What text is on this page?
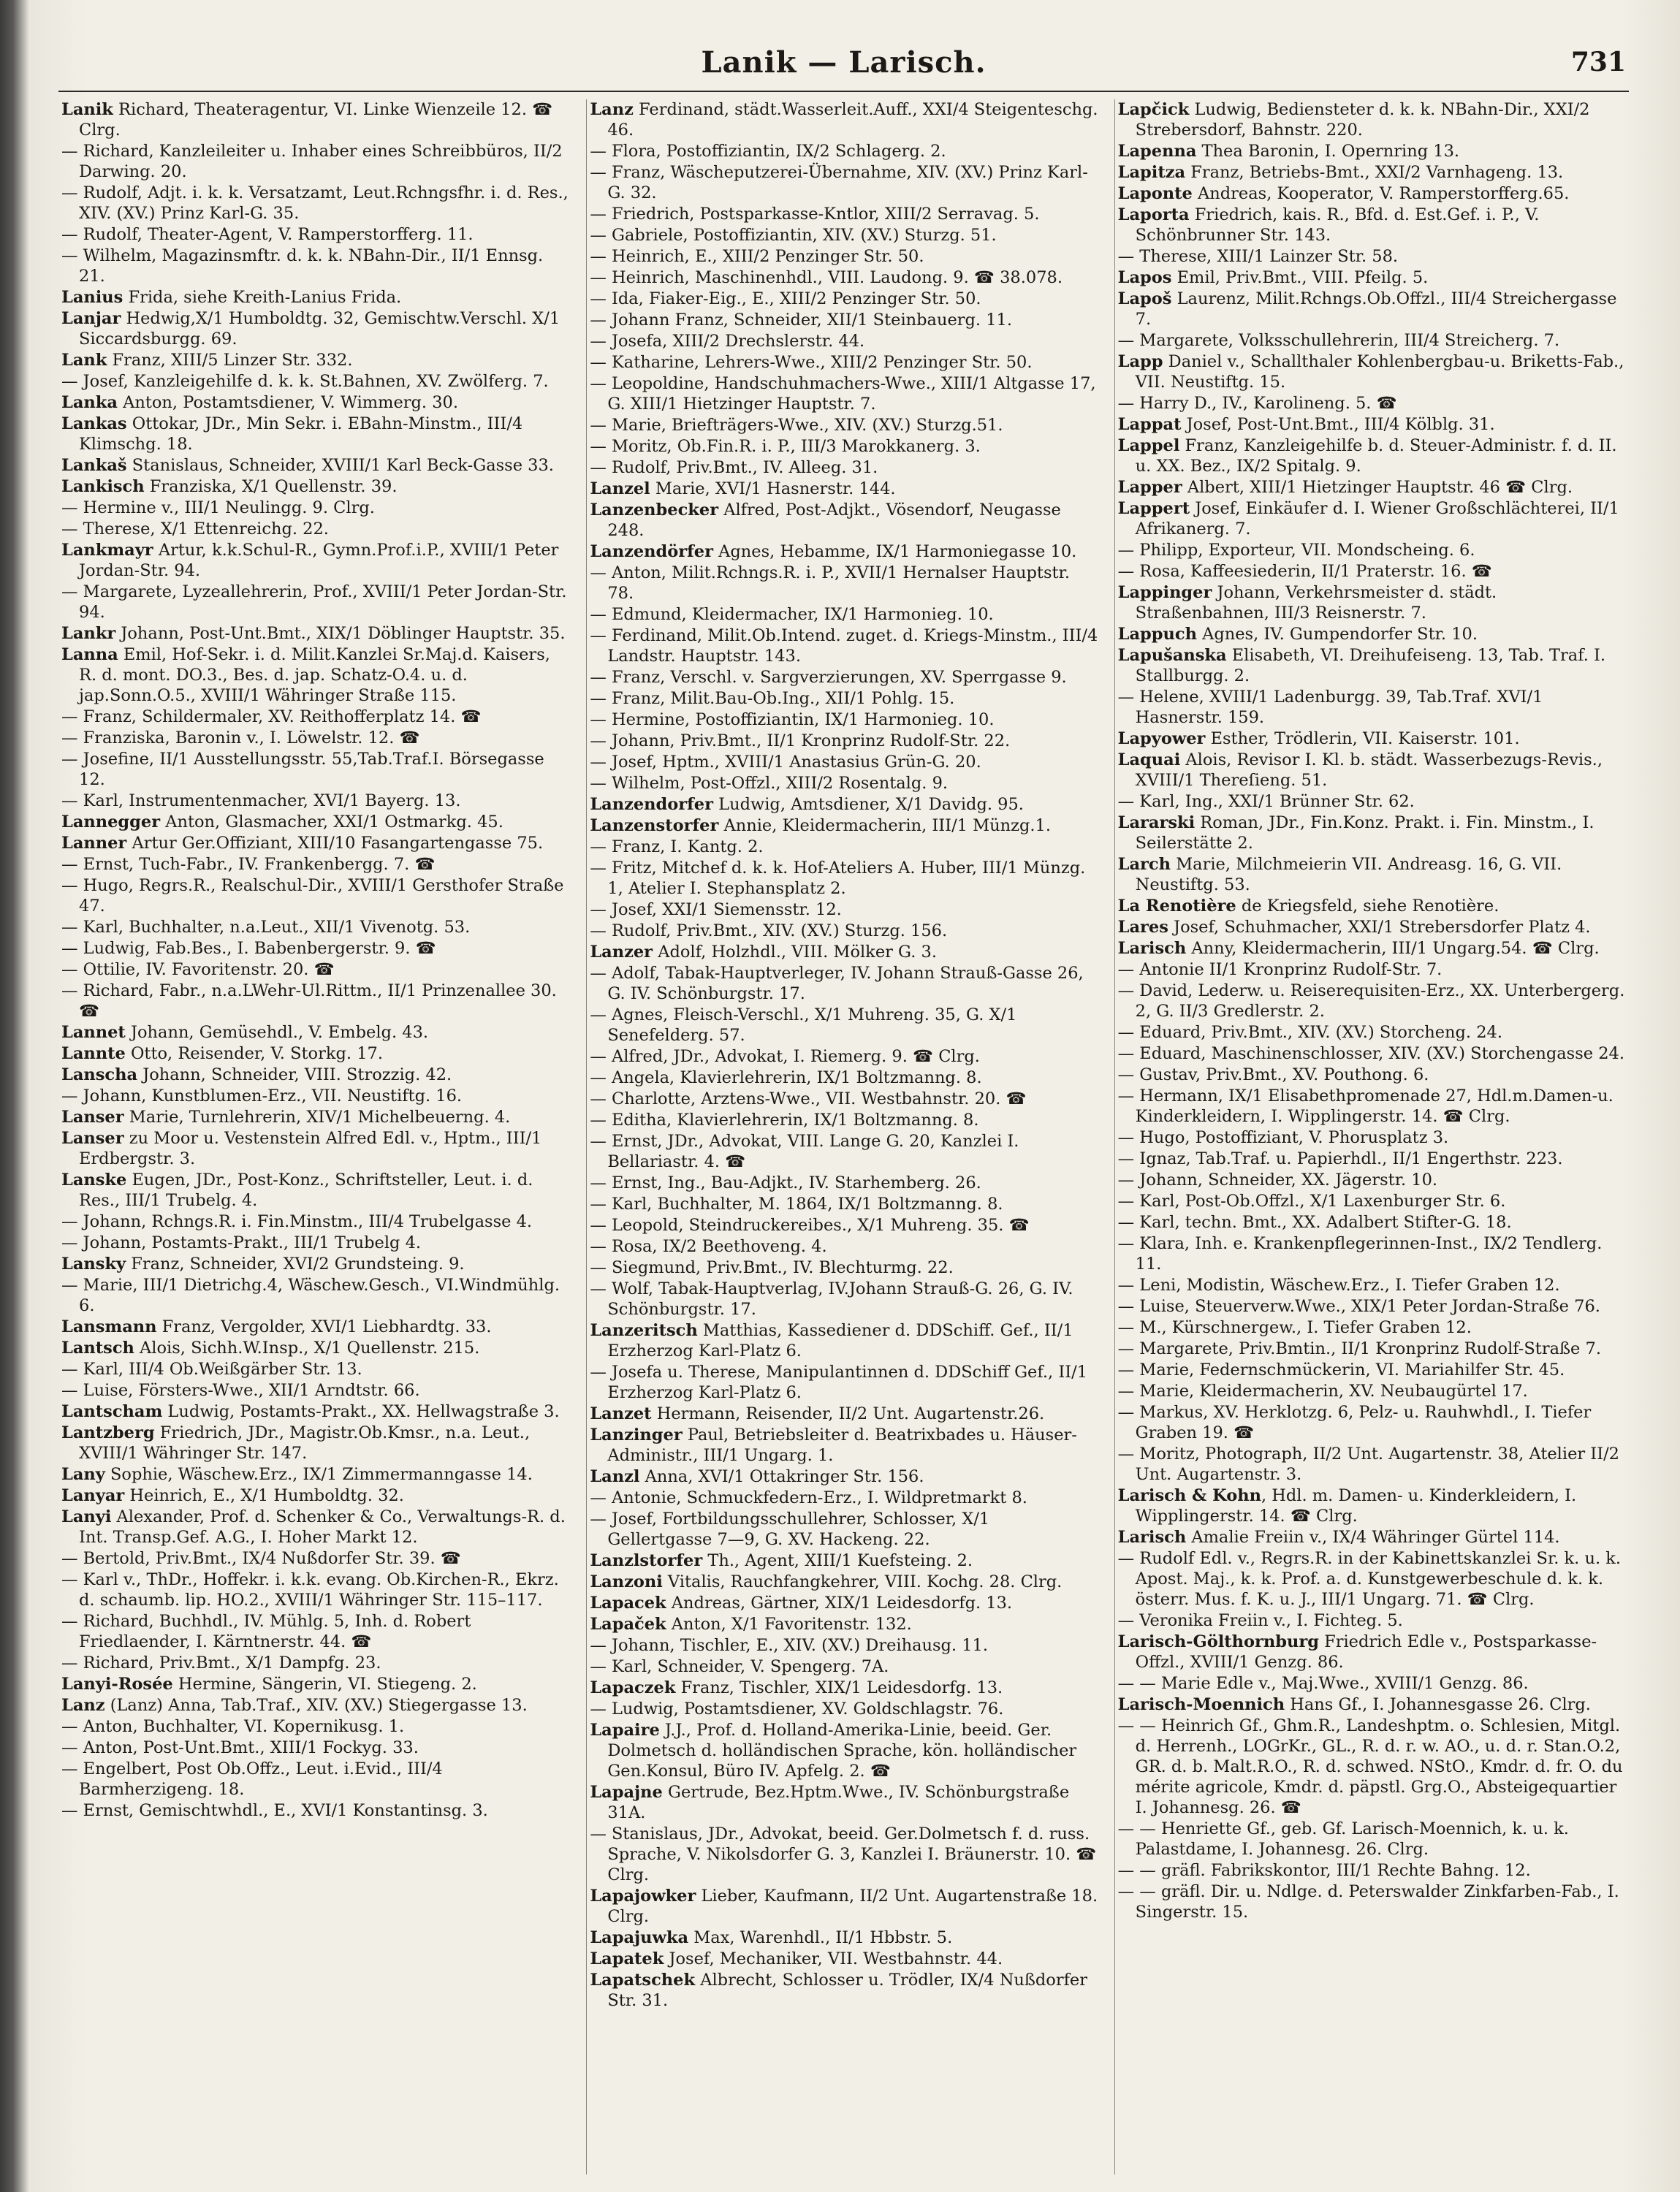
Lanik — Larisch.	731
Lanik Richard, Theateragentur, VI. Linke Wienzeile 12. ☎ Clrg.
— Richard, Kanzleileiter u. Inhaber eines Schreibbüros, II/2 Darwing. 20.
— Rudolf, Adjt. i. k. k. Versatzamt, Leut.Rchngsfhr. i. d. Res., XIV. (XV.) Prinz Karl-G. 35.
— Rudolf, Theater-Agent, V. Ramperstorfferg. 11.
— Wilhelm, Magazinsmftr. d. k. k. NBahn-Dir., II/1 Ennsg. 21.
Lanius Frida, siehe Kreith-Lanius Frida.
Lanjar Hedwig,X/1 Humboldtg. 32, Gemischtw.Verschl. X/1 Siccardsburgg. 69.
Lank Franz, XIII/5 Linzer Str. 332.
— Josef, Kanzleigehilfe d. k. k. St.Bahnen, XV. Zwölferg. 7.
Lanka Anton, Postamtsdiener, V. Wimmerg. 30.
Lankas Ottokar, JDr., Min Sekr. i. EBahn-Minstm., III/4 Klimschg. 18.
Lankaš Stanislaus, Schneider, XVIII/1 Karl Beck-Gasse 33.
Lankisch Franziska, X/1 Quellenstr. 39.
— Hermine v., III/1 Neulingg. 9. Clrg.
— Therese, X/1 Ettenreichg. 22.
Lankmayr Artur, k.k.Schul-R., Gymn.Prof.i.P., XVIII/1 Peter Jordan-Str. 94.
— Margarete, Lyzeallehrerin, Prof., XVIII/1 Peter Jordan-Str. 94.
Lankr Johann, Post-Unt.Bmt., XIX/1 Döblinger Hauptstr. 35.
Lanna Emil, Hof-Sekr. i. d. Milit.Kanzlei Sr.Maj.d. Kaisers, R. d. mont. DO.3., Bes. d. jap. Schatz-O.4. u. d. jap.Sonn.O.5., XVIII/1 Währinger Straße 115.
— Franz, Schildermaler, XV. Reithofferplatz 14. ☎
— Franziska, Baronin v., I. Löwelstr. 12. ☎
— Josefine, II/1 Ausstellungsstr. 55,Tab.Traf.I. Börsegasse 12.
— Karl, Instrumentenmacher, XVI/1 Bayerg. 13.
Lannegger Anton, Glasmacher, XXI/1 Ostmarkg. 45.
Lanner Artur Ger.Offiziant, XIII/10 Fasangartengasse 75.
— Ernst, Tuch-Fabr., IV. Frankenbergg. 7. ☎
— Hugo, Regrs.R., Realschul-Dir., XVIII/1 Gersthofer Straße 47.
— Karl, Buchhalter, n.a.Leut., XII/1 Vivenotg. 53.
— Ludwig, Fab.Bes., I. Babenbergerstr. 9. ☎
— Ottilie, IV. Favoritenstr. 20. ☎
— Richard, Fabr., n.a.LWehr-Ul.Rittm., II/1 Prinzenallee 30. ☎
Lannet Johann, Gemüsehdl., V. Embelg. 43.
Lannte Otto, Reisender, V. Storkg. 17.
Lanscha Johann, Schneider, VIII. Strozzig. 42.
— Johann, Kunstblumen-Erz., VII. Neustiftg. 16.
Lanser Marie, Turnlehrerin, XIV/1 Michelbeuerng. 4.
Lanser zu Moor u. Vestenstein Alfred Edl. v., Hptm., III/1 Erdbergstr. 3.
Lanske Eugen, JDr., Post-Konz., Schriftsteller, Leut. i. d. Res., III/1 Trubelg. 4.
— Johann, Rchngs.R. i. Fin.Minstm., III/4 Trubelgasse 4.
— Johann, Postamts-Prakt., III/1 Trubelg 4.
Lansky Franz, Schneider, XVI/2 Grundsteing. 9.
— Marie, III/1 Dietrichg.4, Wäschew.Gesch., VI.Windmühlg. 6.
Lansmann Franz, Vergolder, XVI/1 Liebhardtg. 33.
Lantsch Alois, Sichh.W.Insp., X/1 Quellenstr. 215.
— Karl, III/4 Ob.Weißgärber Str. 13.
— Luise, Försters-Wwe., XII/1 Arndtstr. 66.
Lantscham Ludwig, Postamts-Prakt., XX. Hellwagstraße 3.
Lantzberg Friedrich, JDr., Magistr.Ob.Kmsr., n.a. Leut., XVIII/1 Währinger Str. 147.
Lany Sophie, Wäschew.Erz., IX/1 Zimmermanngasse 14.
Lanyar Heinrich, E., X/1 Humboldtg. 32.
Lanyi Alexander, Prof. d. Schenker & Co., Verwaltungs-R. d. Int. Transp.Gef. A.G., I. Hoher Markt 12.
— Bertold, Priv.Bmt., IX/4 Nußdorfer Str. 39. ☎
— Karl v., ThDr., Hoffekr. i. k.k. evang. Ob.Kirchen-R., Ekrz. d. schaumb. lip. HO.2., XVIII/1 Währinger Str. 115–117.
— Richard, Buchhdl., IV. Mühlg. 5, Inh. d. Robert Friedlaender, I. Kärntnerstr. 44. ☎
— Richard, Priv.Bmt., X/1 Dampfg. 23.
Lanyi-Rosée Hermine, Sängerin, VI. Stiegeng. 2.
Lanz (Lanz) Anna, Tab.Traf., XIV. (XV.) Stiegergasse 13.
— Anton, Buchhalter, VI. Kopernikusg. 1.
— Anton, Post-Unt.Bmt., XIII/1 Fockyg. 33.
— Engelbert, Post Ob.Offz., Leut. i.Evid., III/4 Barmherzigeng. 18.
— Ernst, Gemischtwhdl., E., XVI/1 Konstantinsg. 3.
Lanz Ferdinand, städt.Wasserleit.Auff., XXI/4 Steigenteschg. 46.
— Flora, Postoffiziantin, IX/2 Schlagerg. 2.
— Franz, Wäscheputzerei-Übernahme, XIV. (XV.) Prinz Karl-G. 32.
— Friedrich, Postsparkasse-Kntlor, XIII/2 Serravag. 5.
— Gabriele, Postoffiziantin, XIV. (XV.) Sturzg. 51.
— Heinrich, E., XIII/2 Penzinger Str. 50.
— Heinrich, Maschinenhdl., VIII. Laudong. 9. ☎ 38.078.
— Ida, Fiaker-Eig., E., XIII/2 Penzinger Str. 50.
— Johann Franz, Schneider, XII/1 Steinbauerg. 11.
— Josefa, XIII/2 Drechslerstr. 44.
— Katharine, Lehrers-Wwe., XIII/2 Penzinger Str. 50.
— Leopoldine, Handschuhmachers-Wwe., XIII/1 Altgasse 17, G. XIII/1 Hietzinger Hauptstr. 7.
— Marie, Briefträgers-Wwe., XIV. (XV.) Sturzg.51.
— Moritz, Ob.Fin.R. i. P., III/3 Marokkanerg. 3.
— Rudolf, Priv.Bmt., IV. Alleeg. 31.
Lanzel Marie, XVI/1 Hasnerstr. 144.
Lanzenbecker Alfred, Post-Adjkt., Vösendorf, Neugasse 248.
Lanzendörfer Agnes, Hebamme, IX/1 Harmoniegasse 10.
— Anton, Milit.Rchngs.R. i. P., XVII/1 Hernalser Hauptstr. 78.
— Edmund, Kleidermacher, IX/1 Harmonieg. 10.
— Ferdinand, Milit.Ob.Intend. zuget. d. Kriegs-Minstm., III/4 Landstr. Hauptstr. 143.
— Franz, Verschl. v. Sargverzierungen, XV. Sperrgasse 9.
— Franz, Milit.Bau-Ob.Ing., XII/1 Pohlg. 15.
— Hermine, Postoffiziantin, IX/1 Harmonieg. 10.
— Johann, Priv.Bmt., II/1 Kronprinz Rudolf-Str. 22.
— Josef, Hptm., XVIII/1 Anastasius Grün-G. 20.
— Wilhelm, Post-Offzl., XIII/2 Rosentalg. 9.
Lanzendorfer Ludwig, Amtsdiener, X/1 Davidg. 95.
Lanzenstorfer Annie, Kleidermacherin, III/1 Münzg.1.
— Franz, I. Kantg. 2.
— Fritz, Mitchef d. k. k. Hof-Ateliers A. Huber, III/1 Münzg. 1, Atelier I. Stephansplatz 2.
— Josef, XXI/1 Siemensstr. 12.
— Rudolf, Priv.Bmt., XIV. (XV.) Sturzg. 156.
Lanzer Adolf, Holzhdl., VIII. Mölker G. 3.
— Adolf, Tabak-Hauptverleger, IV. Johann Strauß-Gasse 26, G. IV. Schönburgstr. 17.
— Agnes, Fleisch-Verschl., X/1 Muhreng. 35, G. X/1 Senefelderg. 57.
— Alfred, JDr., Advokat, I. Riemerg. 9. ☎ Clrg.
— Angela, Klavierlehrerin, IX/1 Boltzmanng. 8.
— Charlotte, Arztens-Wwe., VII. Westbahnstr. 20. ☎
— Editha, Klavierlehrerin, IX/1 Boltzmanng. 8.
— Ernst, JDr., Advokat, VIII. Lange G. 20, Kanzlei I. Bellariastr. 4. ☎
— Ernst, Ing., Bau-Adjkt., IV. Starhemberg. 26.
— Karl, Buchhalter, M. 1864, IX/1 Boltzmanng. 8.
— Leopold, Steindruckereibes., X/1 Muhreng. 35. ☎
— Rosa, IX/2 Beethoveng. 4.
— Siegmund, Priv.Bmt., IV. Blechturmg. 22.
— Wolf, Tabak-Hauptverlag, IV.Johann Strauß-G. 26, G. IV. Schönburgstr. 17.
Lanzeritsch Matthias, Kassediener d. DDSchiff. Gef., II/1 Erzherzog Karl-Platz 6.
— Josefa u. Therese, Manipulantinnen d. DDSchiff Gef., II/1 Erzherzog Karl-Platz 6.
Lanzet Hermann, Reisender, II/2 Unt. Augartenstr.26.
Lanzinger Paul, Betriebsleiter d. Beatrixbades u. Häuser-Administr., III/1 Ungarg. 1.
Lanzl Anna, XVI/1 Ottakringer Str. 156.
— Antonie, Schmuckfedern-Erz., I. Wildpretmarkt 8.
— Josef, Fortbildungsschullehrer, Schlosser, X/1 Gellertgasse 7—9, G. XV. Hackeng. 22.
Lanzlstorfer Th., Agent, XIII/1 Kuefsteing. 2.
Lanzoni Vitalis, Rauchfangkehrer, VIII. Kochg. 28. Clrg.
Lapacek Andreas, Gärtner, XIX/1 Leidesdorfg. 13.
Lapaček Anton, X/1 Favoritenstr. 132.
— Johann, Tischler, E., XIV. (XV.) Dreihausg. 11.
— Karl, Schneider, V. Spengerg. 7A.
Lapaczek Franz, Tischler, XIX/1 Leidesdorfg. 13.
— Ludwig, Postamtsdiener, XV. Goldschlagstr. 76.
Lapaire J.J., Prof. d. Holland-Amerika-Linie, beeid. Ger. Dolmetsch d. holländischen Sprache, kön. holländischer Gen.Konsul, Büro IV. Apfelg. 2. ☎
Lapajne Gertrude, Bez.Hptm.Wwe., IV. Schönburgstraße 31A.
— Stanislaus, JDr., Advokat, beeid. Ger.Dolmetsch f. d. russ. Sprache, V. Nikolsdorfer G. 3, Kanzlei I. Bräunerstr. 10. ☎ Clrg.
Lapajowker Lieber, Kaufmann, II/2 Unt. Augartenstraße 18. Clrg.
Lapajuwka Max, Warenhdl., II/1 Hbbstr. 5.
Lapatek Josef, Mechaniker, VII. Westbahnstr. 44.
Lapatschek Albrecht, Schlosser u. Trödler, IX/4 Nußdorfer Str. 31.
Lapčick Ludwig, Bediensteter d. k. k. NBahn-Dir., XXI/2 Strebersdorf, Bahnstr. 220.
Lapenna Thea Baronin, I. Opernring 13.
Lapitza Franz, Betriebs-Bmt., XXI/2 Varnhageng. 13.
Laponte Andreas, Kooperator, V. Ramperstorfferg.65.
Laporta Friedrich, kais. R., Bfd. d. Est.Gef. i. P., V. Schönbrunner Str. 143.
— Therese, XIII/1 Lainzer Str. 58.
Lapos Emil, Priv.Bmt., VIII. Pfeilg. 5.
Lapoš Laurenz, Milit.Rchngs.Ob.Offzl., III/4 Streichergasse 7.
— Margarete, Volksschullehrerin, III/4 Streicherg. 7.
Lapp Daniel v., Schallthaler Kohlenbergbau-u. Briketts-Fab., VII. Neustiftg. 15.
— Harry D., IV., Karolineng. 5. ☎
Lappat Josef, Post-Unt.Bmt., III/4 Kölblg. 31.
Lappel Franz, Kanzleigehilfe b. d. Steuer-Administr. f. d. II. u. XX. Bez., IX/2 Spitalg. 9.
Lapper Albert, XIII/1 Hietzinger Hauptstr. 46 ☎ Clrg.
Lappert Josef, Einkäufer d. I. Wiener Großschlächterei, II/1 Afrikanerg. 7.
— Philipp, Exporteur, VII. Mondscheing. 6.
— Rosa, Kaffeesiederin, II/1 Praterstr. 16. ☎
Lappinger Johann, Verkehrsmeister d. städt. Straßenbahnen, III/3 Reisnerstr. 7.
Lappuch Agnes, IV. Gumpendorfer Str. 10.
Lapušanska Elisabeth, VI. Dreihufeiseng. 13, Tab. Traf. I. Stallburgg. 2.
— Helene, XVIII/1 Ladenburgg. 39, Tab.Traf. XVI/1 Hasnerstr. 159.
Lapyower Esther, Trödlerin, VII. Kaiserstr. 101.
Laquai Alois, Revisor I. Kl. b. städt. Wasserbezugs-Revis., XVIII/1 Thereſieng. 51.
— Karl, Ing., XXI/1 Brünner Str. 62.
Lararski Roman, JDr., Fin.Konz. Prakt. i. Fin. Minstm., I. Seilerstätte 2.
Larch Marie, Milchmeierin VII. Andreasg. 16, G. VII. Neustiftg. 53.
La Renotière de Kriegsfeld, siehe Renotière.
Lares Josef, Schuhmacher, XXI/1 Strebersdorfer Platz 4.
Larisch Anny, Kleidermacherin, III/1 Ungarg.54. ☎ Clrg.
— Antonie II/1 Kronprinz Rudolf-Str. 7.
— David, Lederw. u. Reiserequisiten-Erz., XX. Unterbergerg. 2, G. II/3 Gredlerstr. 2.
— Eduard, Priv.Bmt., XIV. (XV.) Storcheng. 24.
— Eduard, Maschinenschlosser, XIV. (XV.) Storchengasse 24.
— Gustav, Priv.Bmt., XV. Pouthong. 6.
— Hermann, IX/1 Elisabethpromenade 27, Hdl.m.Damen-u. Kinderkleidern, I. Wipplingerstr. 14. ☎ Clrg.
— Hugo, Postoffiziant, V. Phorusplatz 3.
— Ignaz, Tab.Traf. u. Papierhdl., II/1 Engerthstr. 223.
— Johann, Schneider, XX. Jägerstr. 10.
— Karl, Post-Ob.Offzl., X/1 Laxenburger Str. 6.
— Karl, techn. Bmt., XX. Adalbert Stifter-G. 18.
— Klara, Inh. e. Krankenpflegerinnen-Inst., IX/2 Tendlerg. 11.
— Leni, Modistin, Wäschew.Erz., I. Tiefer Graben 12.
— Luise, Steuerverw.Wwe., XIX/1 Peter Jordan-Straße 76.
— M., Kürschnergew., I. Tiefer Graben 12.
— Margarete, Priv.Bmtin., II/1 Kronprinz Rudolf-Straße 7.
— Marie, Federnschmückerin, VI. Mariahilfer Str. 45.
— Marie, Kleidermacherin, XV. Neubaugürtel 17.
— Markus, XV. Herklotzg. 6, Pelz- u. Rauhwhdl., I. Tiefer Graben 19. ☎
— Moritz, Photograph, II/2 Unt. Augartenstr. 38, Atelier II/2 Unt. Augartenstr. 3.
Larisch & Kohn, Hdl. m. Damen- u. Kinderkleidern, I. Wipplingerstr. 14. ☎ Clrg.
Larisch Amalie Freiin v., IX/4 Währinger Gürtel 114.
— Rudolf Edl. v., Regrs.R. in der Kabinettskanzlei Sr. k. u. k. Apost. Maj., k. k. Prof. a. d. Kunstgewerbeschule d. k. k. österr. Mus. f. K. u. J., III/1 Ungarg. 71. ☎ Clrg.
— Veronika Freiin v., I. Fichteg. 5.
Larisch-Gölthornburg Friedrich Edle v., Postsparkasse-Offzl., XVIII/1 Genzg. 86.
— — Marie Edle v., Maj.Wwe., XVIII/1 Genzg. 86.
Larisch-Moennich Hans Gf., I. Johannesgasse 26. Clrg.
— — Heinrich Gf., Ghm.R., Landeshptm. o. Schlesien, Mitgl. d. Herrenh., LOGrKr., GL., R. d. r. w. AO., u. d. r. Stan.O.2, GR. d. b. Malt.R.O., R. d. schwed. NStO., Kmdr. d. fr. O. du mérite agricole, Kmdr. d. päpstl. Grg.O., Absteigequartier I. Johannesg. 26. ☎
— — Henriette Gf., geb. Gf. Larisch-Moennich, k. u. k. Palastdame, I. Johannesg. 26. Clrg.
— — gräfl. Fabrikskontor, III/1 Rechte Bahng. 12.
— — gräfl. Dir. u. Ndlge. d. Peterswalder Zinkfarben-Fab., I. Singerstr. 15.
